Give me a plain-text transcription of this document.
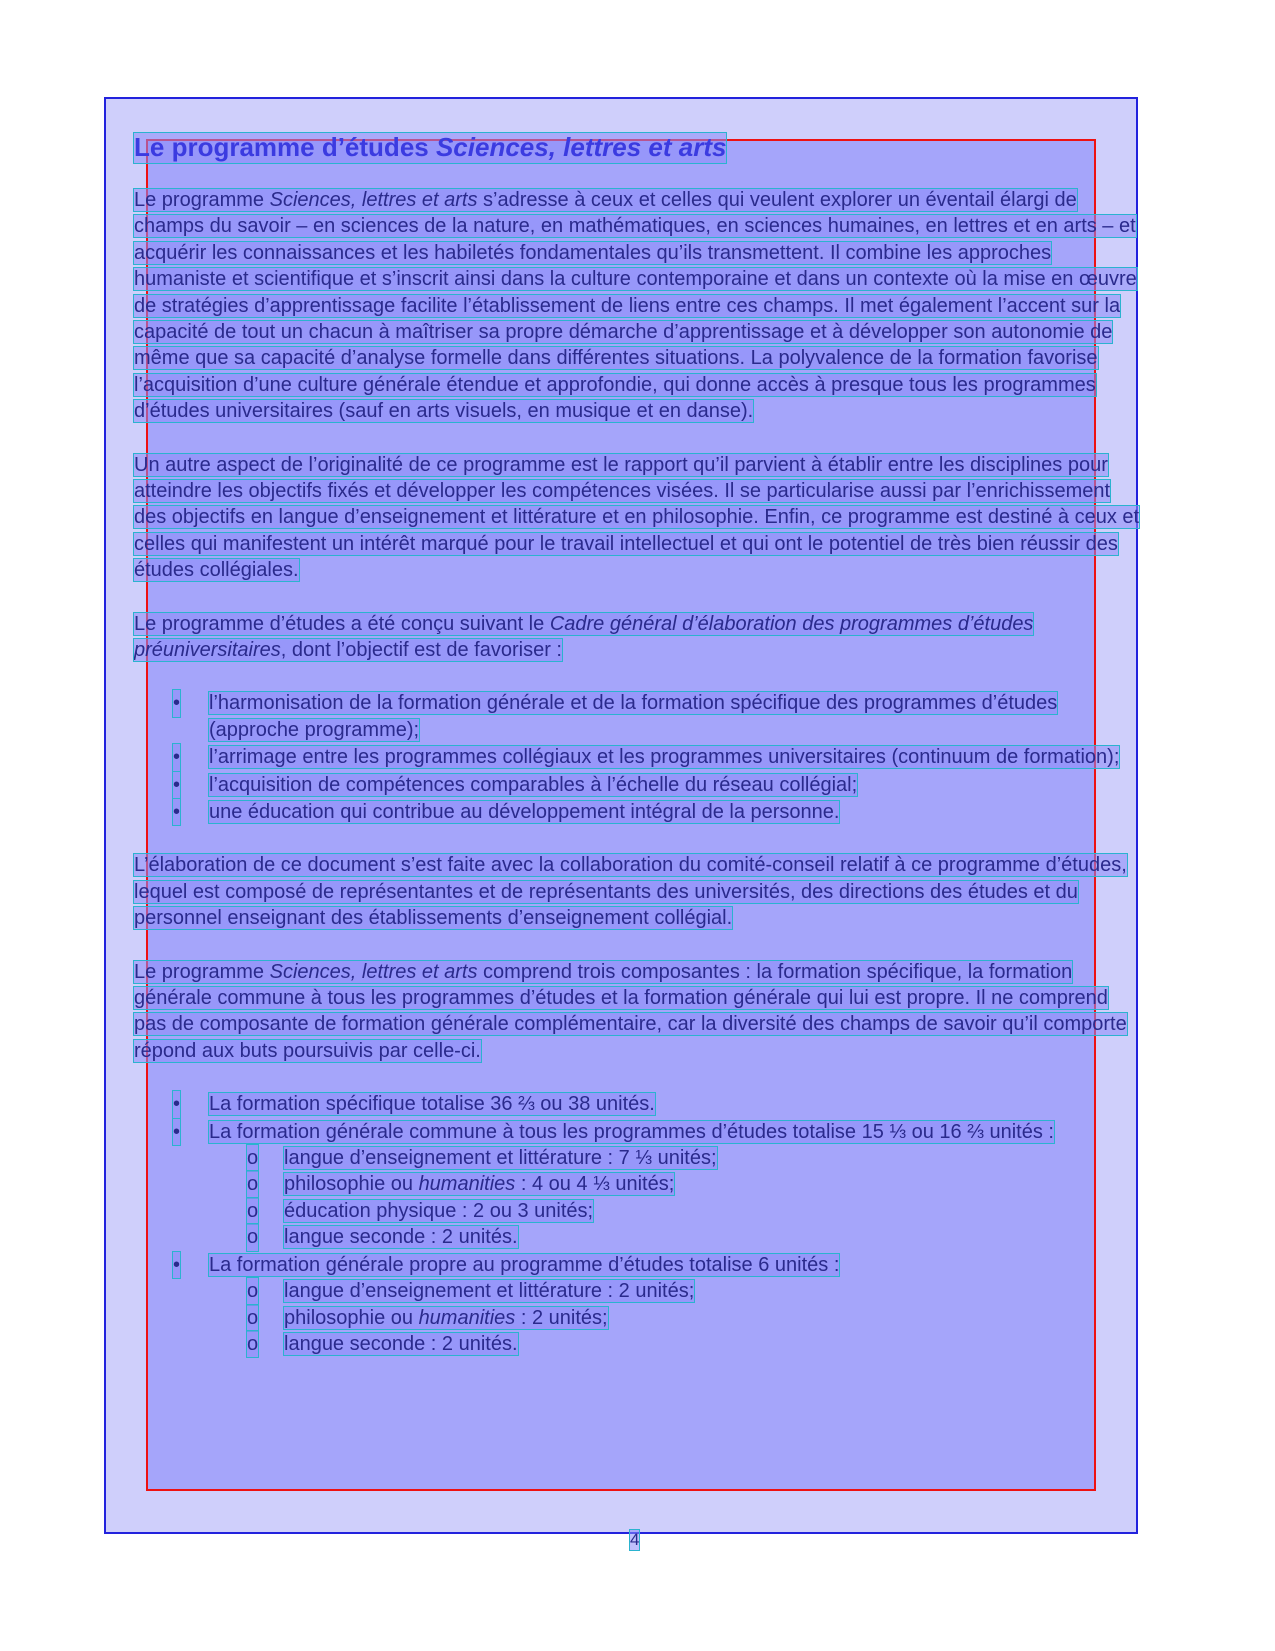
Le programme d’études Sciences, lettres et arts

Le programme Sciences, lettres et arts s’adresse à ceux et celles qui veulent explorer un éventail élargi de champs du savoir – en sciences de la nature, en mathématiques, en sciences humaines, en lettres et en arts – et acquérir les connaissances et les habiletés fondamentales qu’ils transmettent. Il combine les approches humaniste et scientifique et s’inscrit ainsi dans la culture contemporaine et dans un contexte où la mise en œuvre de stratégies d’apprentissage facilite l’établissement de liens entre ces champs. Il met également l’accent sur la capacité de tout un chacun à maîtriser sa propre démarche d’apprentissage et à développer son autonomie de même que sa capacité d’analyse formelle dans différentes situations. La polyvalence de la formation favorise l’acquisition d’une culture générale étendue et approfondie, qui donne accès à presque tous les programmes d’études universitaires (sauf en arts visuels, en musique et en danse).

Un autre aspect de l’originalité de ce programme est le rapport qu’il parvient à établir entre les disciplines pour atteindre les objectifs fixés et développer les compétences visées. Il se particularise aussi par l’enrichissement des objectifs en langue d’enseignement et littérature et en philosophie. Enfin, ce programme est destiné à ceux et celles qui manifestent un intérêt marqué pour le travail intellectuel et qui ont le potentiel de très bien réussir des études collégiales.

Le programme d’études a été conçu suivant le Cadre général d’élaboration des programmes d’études préuniversitaires, dont l’objectif est de favoriser :

• l’harmonisation de la formation générale et de la formation spécifique des programmes d’études (approche programme);
• l’arrimage entre les programmes collégiaux et les programmes universitaires (continuum de formation);
• l’acquisition de compétences comparables à l’échelle du réseau collégial;
• une éducation qui contribue au développement intégral de la personne.

L’élaboration de ce document s’est faite avec la collaboration du comité-conseil relatif à ce programme d’études, lequel est composé de représentantes et de représentants des universités, des directions des études et du personnel enseignant des établissements d’enseignement collégial.

Le programme Sciences, lettres et arts comprend trois composantes : la formation spécifique, la formation générale commune à tous les programmes d’études et la formation générale qui lui est propre. Il ne comprend pas de composante de formation générale complémentaire, car la diversité des champs de savoir qu’il comporte répond aux buts poursuivis par celle-ci.

• La formation spécifique totalise 36 ⅔ ou 38 unités.
• La formation générale commune à tous les programmes d’études totalise 15 ⅓ ou 16 ⅔ unités :
o langue d’enseignement et littérature : 7 ⅓ unités;
o philosophie ou humanities : 4 ou 4 ⅓ unités;
o éducation physique : 2 ou 3 unités;
o langue seconde : 2 unités.
• La formation générale propre au programme d’études totalise 6 unités :
o langue d’enseignement et littérature : 2 unités;
o philosophie ou humanities : 2 unités;
o langue seconde : 2 unités.
4
